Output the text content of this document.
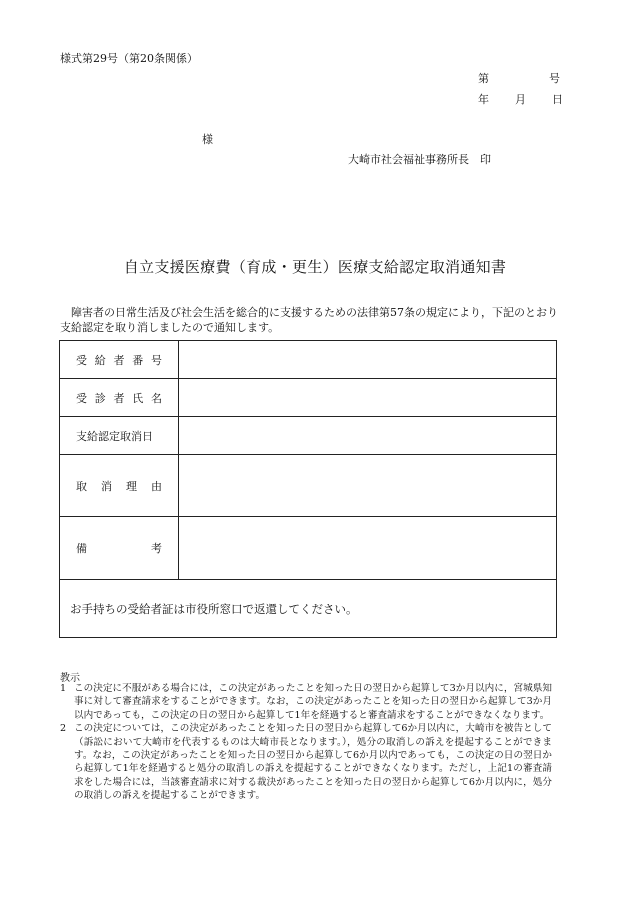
様式第29号（第20条関係）
第	号
年 月 日
様
大崎市社会福祉事務所長　印
自立支援医療費（育成・更生）医療支給認定取消通知書
障害者の日常生活及び社会生活を総合的に支援するための法律第57条の規定により，下記のとおり支給認定を取り消しましたので通知します。
受 給 者 番 号	

受 診 者 氏 名	

支給認定取消日	

取 消 理 由	

備 考	

お手持ちの受給者証は市役所窓口で返還してください。	
教示
1 この決定に不服がある場合には，この決定があったことを知った日の翌日から起算して3か月以内に，宮城県知事に対して審査請求をすることができます。なお，この決定があったことを知った日の翌日から起算して3か月以内であっても，この決定の日の翌日から起算して1年を経過すると審査請求をすることができなくなります。
2 この決定については，この決定があったことを知った日の翌日から起算して6か月以内に，大崎市を被告として（訴訟において大崎市を代表するものは大崎市長となります。），処分の取消しの訴えを提起することができます。なお，この決定があったことを知った日の翌日から起算して6か月以内であっても，この決定の日の翌日から起算して1年を経過すると処分の取消しの訴えを提起することができなくなります。ただし，上記1の審査請求をした場合には，当該審査請求に対する裁決があったことを知った日の翌日から起算して6か月以内に，処分の取消しの訴えを提起することができます。
